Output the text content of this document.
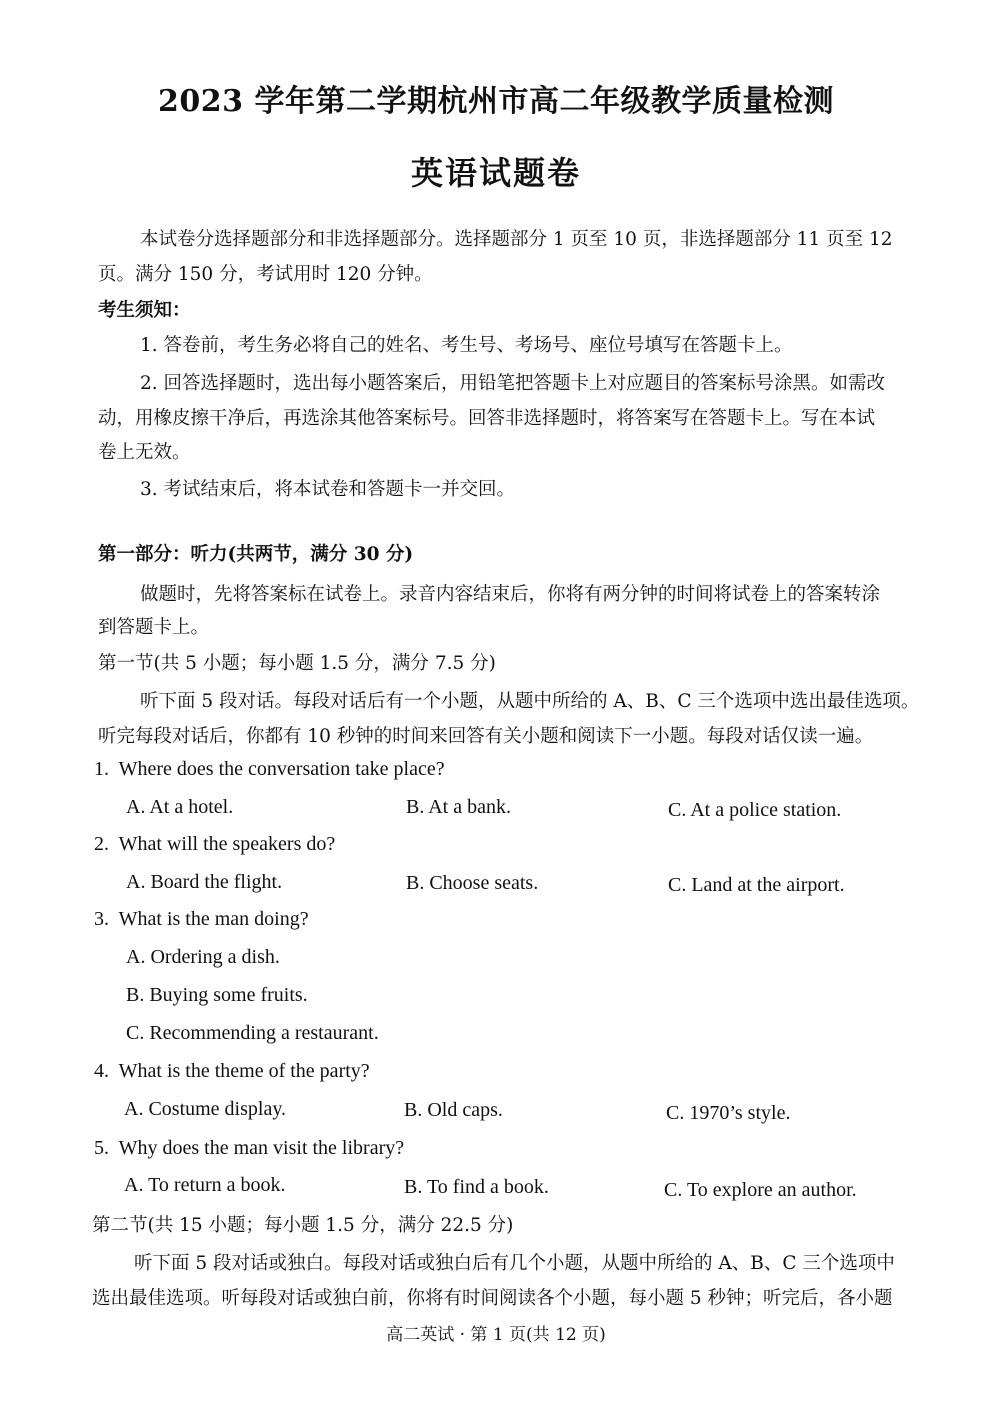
2023 学年第二学期杭州市高二年级教学质量检测
英语试题卷
本试卷分选择题部分和非选择题部分。选择题部分 1 页至 10 页，非选择题部分 11 页至 12
页。满分 150 分，考试用时 120 分钟。
考生须知：
1. 答卷前，考生务必将自己的姓名、考生号、考场号、座位号填写在答题卡上。
2. 回答选择题时，选出每小题答案后，用铅笔把答题卡上对应题目的答案标号涂黑。如需改
动，用橡皮擦干净后，再选涂其他答案标号。回答非选择题时，将答案写在答题卡上。写在本试
卷上无效。
3. 考试结束后，将本试卷和答题卡一并交回。
第一部分：听力(共两节，满分 30 分)
做题时，先将答案标在试卷上。录音内容结束后，你将有两分钟的时间将试卷上的答案转涂
到答题卡上。
第一节(共 5 小题；每小题 1.5 分，满分 7.5 分)
听下面 5 段对话。每段对话后有一个小题，从题中所给的 A、B、C 三个选项中选出最佳选项。
听完每段对话后，你都有 10 秒钟的时间来回答有关小题和阅读下一小题。每段对话仅读一遍。
1. Where does the conversation take place?
A. At a hotel.	B. At a bank.	C. At a police station.
2. What will the speakers do?
A. Board the flight.	B. Choose seats.	C. Land at the airport.
3. What is the man doing?
A. Ordering a dish.
B. Buying some fruits.
C. Recommending a restaurant.
4. What is the theme of the party?
A. Costume display.	B. Old caps.	C. 1970’s style.
5. Why does the man visit the library?
A. To return a book.	B. To find a book.	C. To explore an author.
第二节(共 15 小题；每小题 1.5 分，满分 22.5 分)
听下面 5 段对话或独白。每段对话或独白后有几个小题，从题中所给的 A、B、C 三个选项中
选出最佳选项。听每段对话或独白前，你将有时间阅读各个小题，每小题 5 秒钟；听完后，各小题
高二英试 · 第 1 页(共 12 页)
